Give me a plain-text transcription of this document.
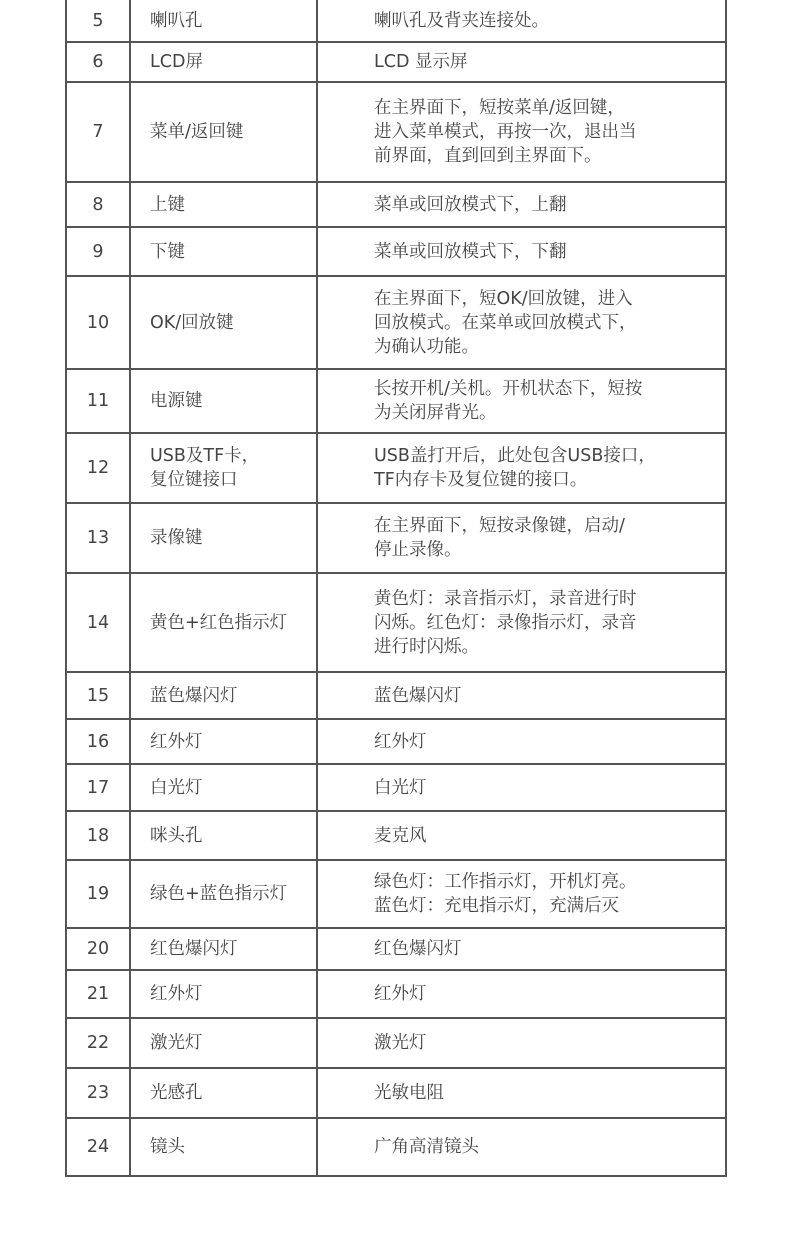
5	喇叭孔	喇叭孔及背夹连接处。
6	LCD屏	LCD 显示屏
7	菜单/返回键	在主界面下，短按菜单/返回键，
进入菜单模式，再按一次，退出当
前界面，直到回到主界面下。
8	上键	菜单或回放模式下，上翻
9	下键	菜单或回放模式下，下翻
10	OK/回放键	在主界面下，短OK/回放键，进入
回放模式。在菜单或回放模式下，
为确认功能。
11	电源键	长按开机/关机。开机状态下，短按
为关闭屏背光。
12	USB及TF卡，
复位键接口	USB盖打开后，此处包含USB接口，
TF内存卡及复位键的接口。
13	录像键	在主界面下，短按录像键，启动/
停止录像。
14	黄色+红色指示灯	黄色灯：录音指示灯，录音进行时
闪烁。红色灯：录像指示灯，录音
进行时闪烁。
15	蓝色爆闪灯	蓝色爆闪灯
16	红外灯	红外灯
17	白光灯	白光灯
18	咪头孔	麦克风
19	绿色+蓝色指示灯	绿色灯：工作指示灯，开机灯亮。
蓝色灯：充电指示灯，充满后灭
20	红色爆闪灯	红色爆闪灯
21	红外灯	红外灯
22	激光灯	激光灯
23	光感孔	光敏电阻
24	镜头	广角高清镜头
